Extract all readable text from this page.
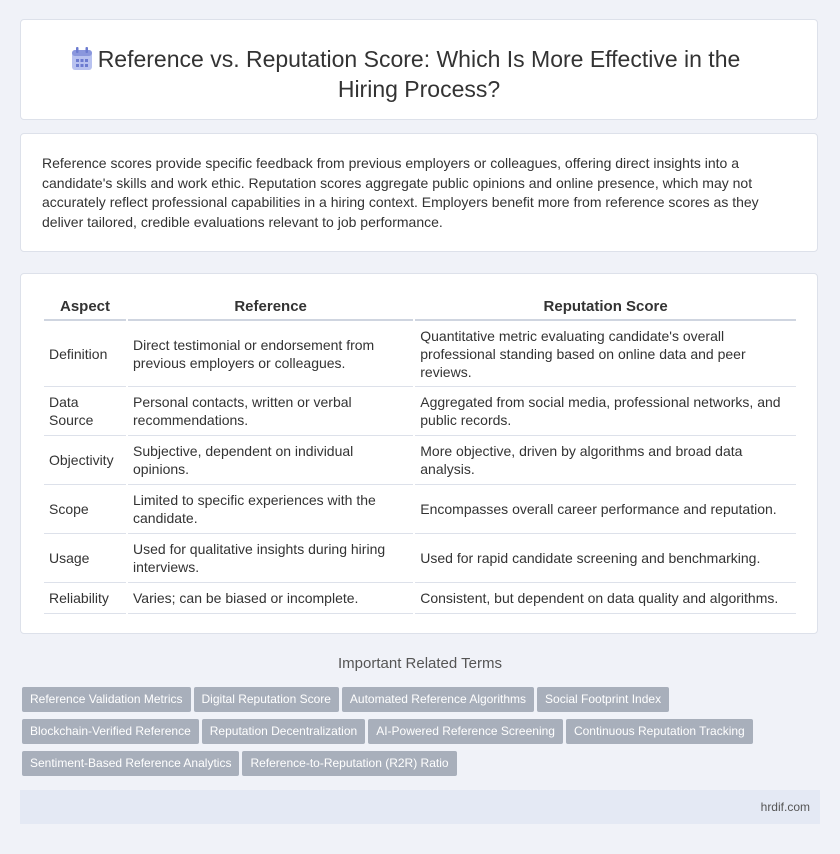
Reference vs. Reputation Score: Which Is More Effective in the
Hiring Process?

Reference scores provide specific feedback from previous employers or colleagues, offering direct insights into a candidate's skills and work ethic. Reputation scores aggregate public opinions and online presence, which may not accurately reflect professional capabilities in a hiring context. Employers benefit more from reference scores as they deliver tailored, credible evaluations relevant to job performance.

Aspect	Reference	Reputation Score
Definition	Direct testimonial or endorsement from previous employers or colleagues.	Quantitative metric evaluating candidate's overall professional standing based on online data and peer reviews.
Data Source	Personal contacts, written or verbal recommendations.	Aggregated from social media, professional networks, and public records.
Objectivity	Subjective, dependent on individual opinions.	More objective, driven by algorithms and broad data analysis.
Scope	Limited to specific experiences with the candidate.	Encompasses overall career performance and reputation.
Usage	Used for qualitative insights during hiring interviews.	Used for rapid candidate screening and benchmarking.
Reliability	Varies; can be biased or incomplete.	Consistent, but dependent on data quality and algorithms.
Important Related Terms
Reference Validation Metrics Digital Reputation Score Automated Reference Algorithms Social Footprint Index
Blockchain-Verified Reference Reputation Decentralization AI-Powered Reference Screening Continuous Reputation Tracking
Sentiment-Based Reference Analytics Reference-to-Reputation (R2R) Ratio
hrdif.com
